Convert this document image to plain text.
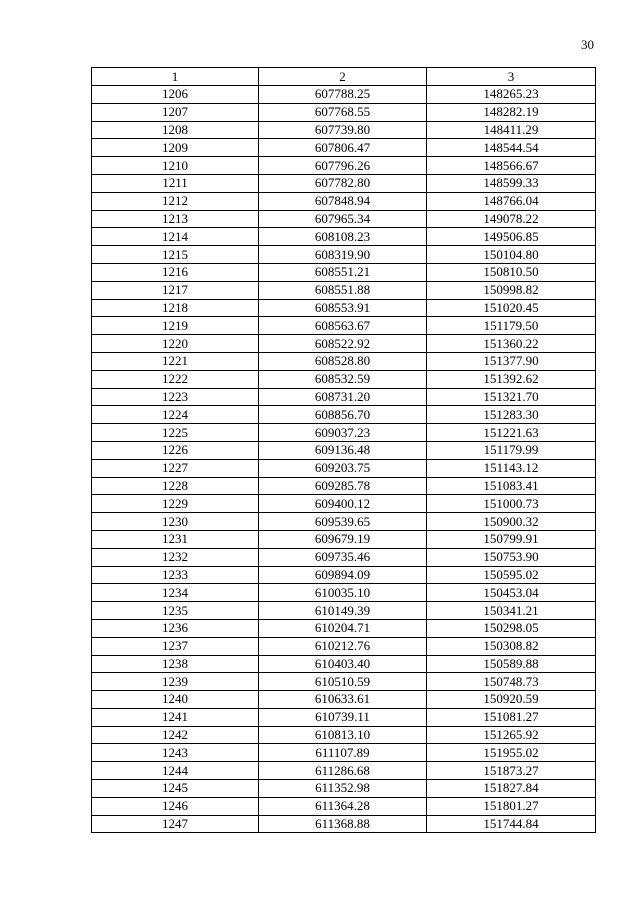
30
1	2	3
1206	607788.25	148265.23
1207	607768.55	148282.19
1208	607739.80	148411.29
1209	607806.47	148544.54
1210	607796.26	148566.67
1211	607782.80	148599.33
1212	607848.94	148766.04
1213	607965.34	149078.22
1214	608108.23	149506.85
1215	608319.90	150104.80
1216	608551.21	150810.50
1217	608551.88	150998.82
1218	608553.91	151020.45
1219	608563.67	151179.50
1220	608522.92	151360.22
1221	608528.80	151377.90
1222	608532.59	151392.62
1223	608731.20	151321.70
1224	608856.70	151283.30
1225	609037.23	151221.63
1226	609136.48	151179.99
1227	609203.75	151143.12
1228	609285.78	151083.41
1229	609400.12	151000.73
1230	609539.65	150900.32
1231	609679.19	150799.91
1232	609735.46	150753.90
1233	609894.09	150595.02
1234	610035.10	150453.04
1235	610149.39	150341.21
1236	610204.71	150298.05
1237	610212.76	150308.82
1238	610403.40	150589.88
1239	610510.59	150748.73
1240	610633.61	150920.59
1241	610739.11	151081.27
1242	610813.10	151265.92
1243	611107.89	151955.02
1244	611286.68	151873.27
1245	611352.98	151827.84
1246	611364.28	151801.27
1247	611368.88	151744.84
